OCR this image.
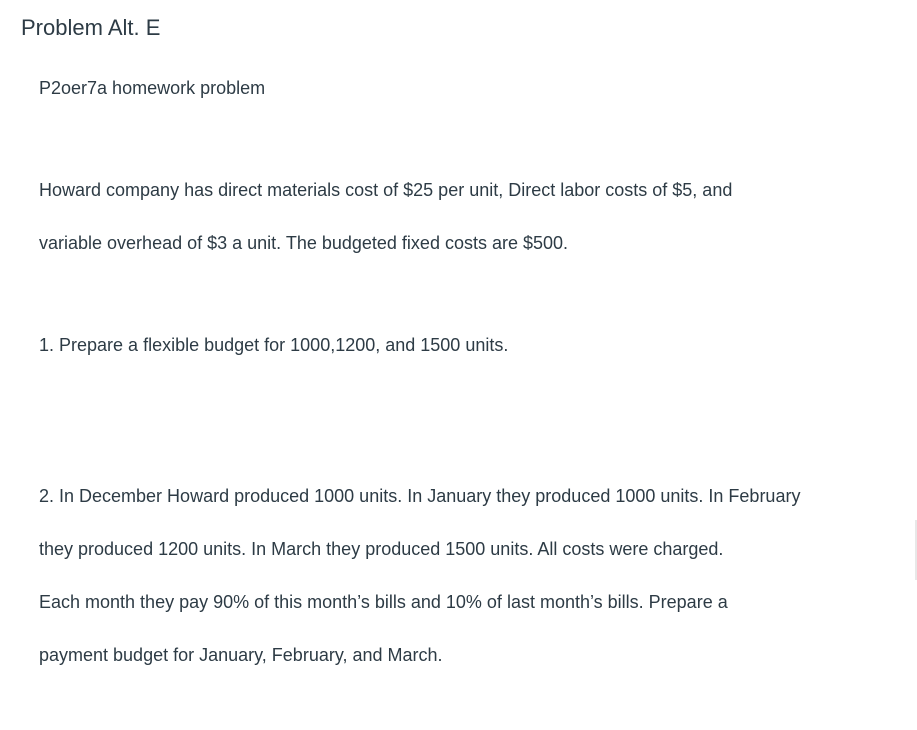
Problem Alt. E
P2oer7a homework problem
Howard company has direct materials cost of $25 per unit, Direct labor costs of $5, and
variable overhead of $3 a unit. The budgeted fixed costs are $500.
1. Prepare a flexible budget for 1000,1200, and 1500 units.
2. In December Howard produced 1000 units. In January they produced 1000 units. In February
they produced 1200 units. In March they produced 1500 units. All costs were charged.
Each month they pay 90% of this month’s bills and 10% of last month’s bills. Prepare a
payment budget for January, February, and March.
